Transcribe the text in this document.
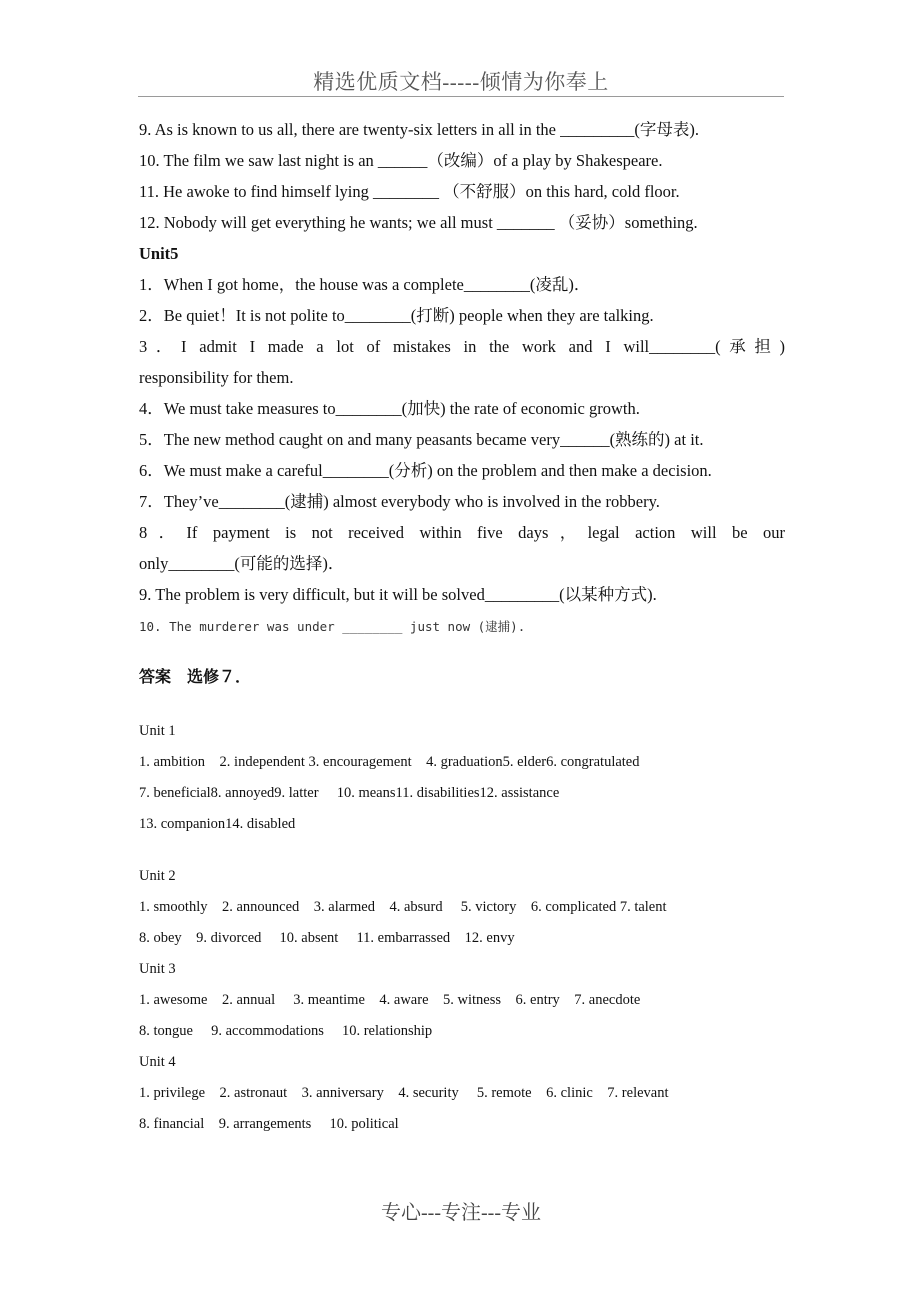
精选优质文档-----倾情为你奉上
9. As is known to us all, there are twenty-six letters in all in the _________(字母表).
10. The film we saw last night is an ______（改编）of a play by Shakespeare.
11. He awoke to find himself lying ________ （不舒服）on this hard, cold floor.
12. Nobody will get everything he wants; we all must _______ （妥协）something.
Unit5
1．When I got home，the house was a complete________(凌乱)．
2．Be quiet！It is not polite to________(打断) people when they are talking.
3．I admit I made a lot of mistakes in the work and I will________(承担)
responsibility for them.
4．We must take measures to________(加快) the rate of economic growth.
5．The new method caught on and many peasants became very______(熟练的) at it.
6．We must make a careful________(分析) on the problem and then make a decision.
7．They’ve________(逮捕) almost everybody who is involved in the robbery.
8．If payment is not received within five days，legal action will be our
only________(可能的选择)．
9. The problem is very difficult, but it will be solved_________(以某种方式).
10. The murderer was under ________ just now (逮捕).
答案　选修７．
Unit 1
1. ambition　2. independent 3. encouragement　4. graduation5. elder6. congratulated
7. beneficial8. annoyed9. latter　 10. means11. disabilities12. assistance
13. companion14. disabled
Unit 2
1. smoothly　2. announced　3. alarmed　4. absurd　 5. victory　6. complicated 7. talent
8. obey　9. divorced　 10. absent　 11. embarrassed　12. envy
Unit 3
1. awesome　2. annual　 3. meantime　4. aware　5. witness　6. entry　7. anecdote
8. tongue　 9. accommodations　 10. relationship
Unit 4
1. privilege　2. astronaut　3. anniversary　4. security　 5. remote　6. clinic　7. relevant
8. financial　9. arrangements　 10. political
专心---专注---专业
